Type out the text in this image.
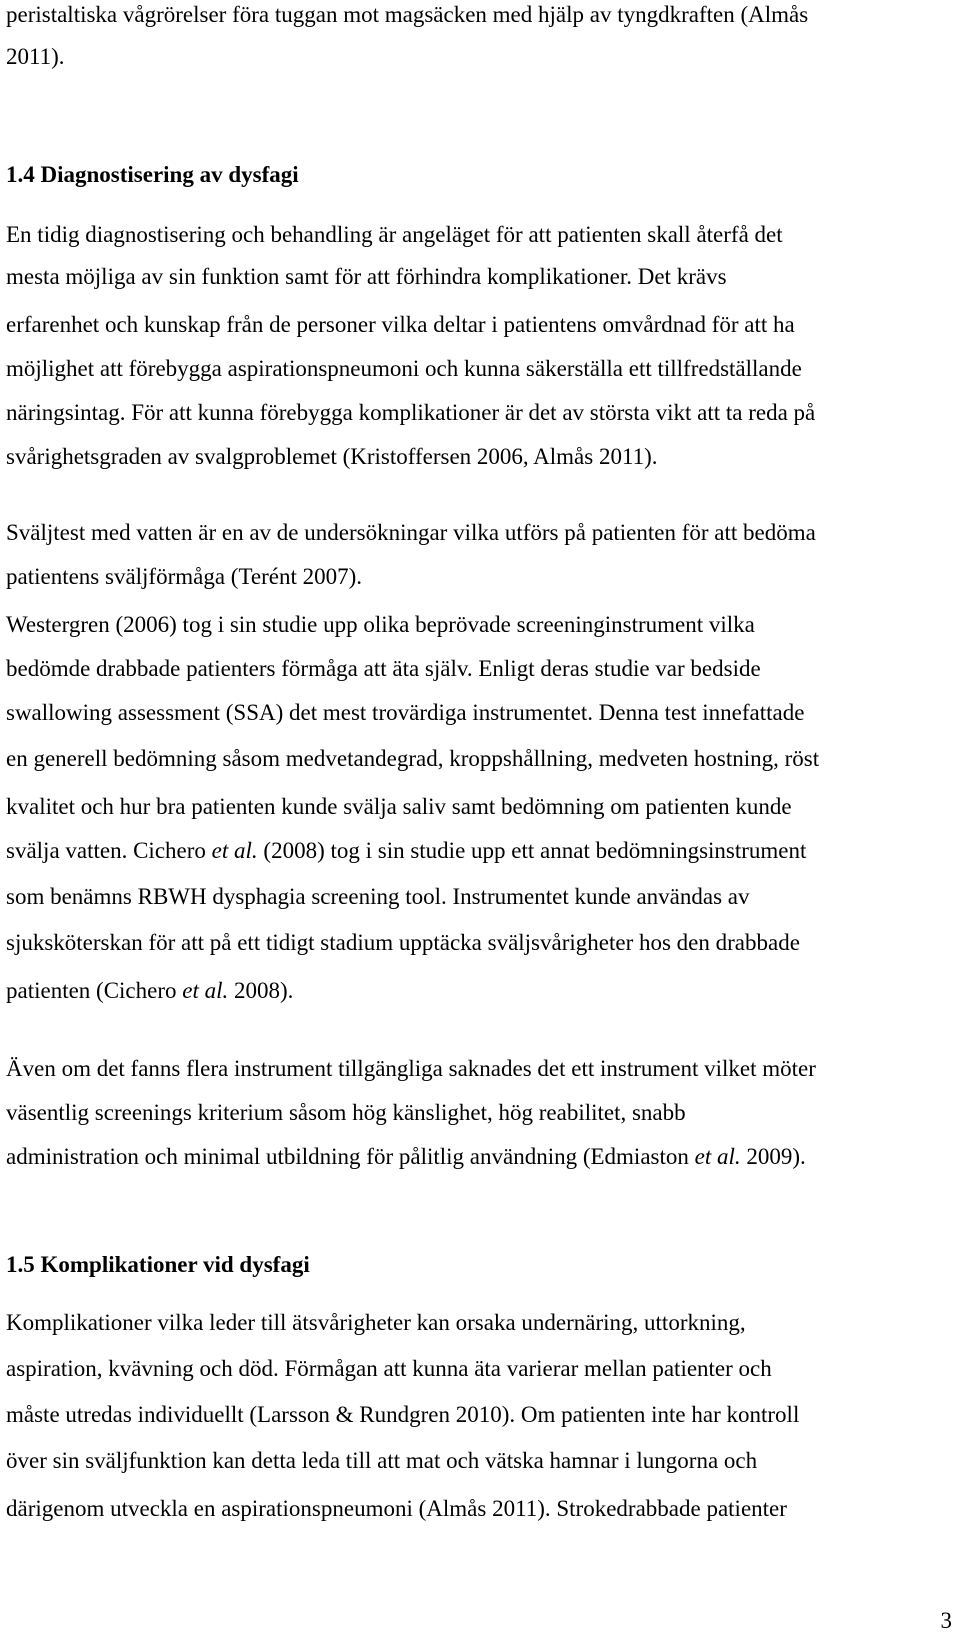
peristaltiska vågrörelser föra tuggan mot magsäcken med hjälp av tyngdkraften (Almås

2011).

1.4 Diagnostisering av dysfagi

En tidig diagnostisering och behandling är angeläget för att patienten skall återfå det

mesta möjliga av sin funktion samt för att förhindra komplikationer. Det krävs

erfarenhet och kunskap från de personer vilka deltar i patientens omvårdnad för att ha

möjlighet att förebygga aspirationspneumoni och kunna säkerställa ett tillfredställande

näringsintag. För att kunna förebygga komplikationer är det av största vikt att ta reda på

svårighetsgraden av svalgproblemet (Kristoffersen 2006, Almås 2011).

Sväljtest med vatten är en av de undersökningar vilka utförs på patienten för att bedöma

patientens sväljförmåga (Terént 2007).

Westergren (2006) tog i sin studie upp olika beprövade screeninginstrument vilka

bedömde drabbade patienters förmåga att äta själv. Enligt deras studie var bedside

swallowing assessment (SSA) det mest trovärdiga instrumentet. Denna test innefattade

en generell bedömning såsom medvetandegrad, kroppshållning, medveten hostning, röst

kvalitet och hur bra patienten kunde svälja saliv samt bedömning om patienten kunde

svälja vatten. Cichero et al. (2008) tog i sin studie upp ett annat bedömningsinstrument

som benämns RBWH dysphagia screening tool. Instrumentet kunde användas av

sjuksköterskan för att på ett tidigt stadium upptäcka sväljsvårigheter hos den drabbade

patienten (Cichero et al. 2008).

Även om det fanns flera instrument tillgängliga saknades det ett instrument vilket möter

väsentlig screenings kriterium såsom hög känslighet, hög reabilitet, snabb

administration och minimal utbildning för pålitlig användning (Edmiaston et al. 2009).

1.5 Komplikationer vid dysfagi

Komplikationer vilka leder till ätsvårigheter kan orsaka undernäring, uttorkning,

aspiration, kvävning och död. Förmågan att kunna äta varierar mellan patienter och

måste utredas individuellt (Larsson & Rundgren 2010). Om patienten inte har kontroll

över sin sväljfunktion kan detta leda till att mat och vätska hamnar i lungorna och

därigenom utveckla en aspirationspneumoni (Almås 2011). Strokedrabbade patienter

3
